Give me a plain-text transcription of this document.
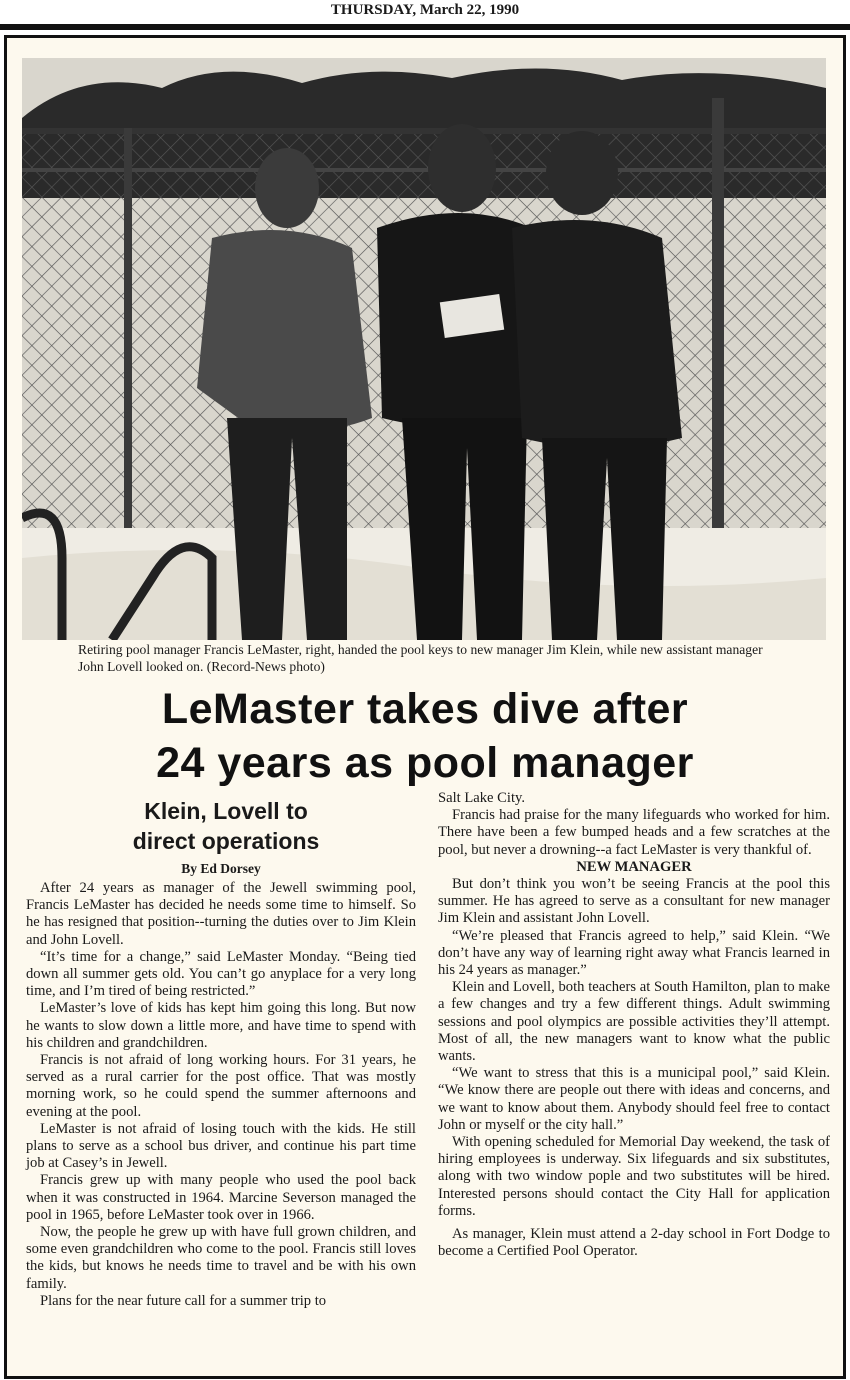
THURSDAY, March 22, 1990
Retiring pool manager Francis LeMaster, right, handed the pool keys to new manager Jim Klein, while new assistant manager John Lovell looked on. (Record-News photo)
LeMaster takes dive after
24 years as pool manager
Klein, Lovell to
direct operations
By Ed Dorsey

After 24 years as manager of the Jewell swimming pool, Francis LeMaster has decided he needs some time to himself. So he has resigned that position--turning the duties over to Jim Klein and John Lovell.

“It’s time for a change,” said LeMaster Monday. “Being tied down all summer gets old. You can’t go anyplace for a very long time, and I’m tired of being restricted.”

LeMaster’s love of kids has kept him going this long. But now he wants to slow down a little more, and have time to spend with his children and grandchildren.

Francis is not afraid of long working hours. For 31 years, he served as a rural carrier for the post office. That was mostly morning work, so he could spend the summer afternoons and evening at the pool.

LeMaster is not afraid of losing touch with the kids. He still plans to serve as a school bus driver, and continue his part time job at Casey’s in Jewell.

Francis grew up with many people who used the pool back when it was constructed in 1964. Marcine Severson managed the pool in 1965, before LeMaster took over in 1966.

Now, the people he grew up with have full grown children, and some even grandchildren who come to the pool. Francis still loves the kids, but knows he needs time to travel and be with his own family.

Plans for the near future call for a summer trip to

Salt Lake City.

Francis had praise for the many lifeguards who worked for him. There have been a few bumped heads and a few scratches at the pool, but never a drowning--a fact LeMaster is very thankful of.

NEW MANAGER

But don’t think you won’t be seeing Francis at the pool this summer. He has agreed to serve as a consultant for new manager Jim Klein and assistant John Lovell.

“We’re pleased that Francis agreed to help,” said Klein. “We don’t have any way of learning right away what Francis learned in his 24 years as manager.”

Klein and Lovell, both teachers at South Hamilton, plan to make a few changes and try a few different things. Adult swimming sessions and pool olympics are possible activities they’ll attempt. Most of all, the new managers want to know what the public wants.

“We want to stress that this is a municipal pool,” said Klein. “We know there are people out there with ideas and concerns, and we want to know about them. Anybody should feel free to contact John or myself or the city hall.”

With opening scheduled for Memorial Day weekend, the task of hiring employees is underway. Six lifeguards and six substitutes, along with two window pople and two substitutes will be hired. Interested persons should contact the City Hall for application forms.

As manager, Klein must attend a 2-day school in Fort Dodge to become a Certified Pool Operator.
